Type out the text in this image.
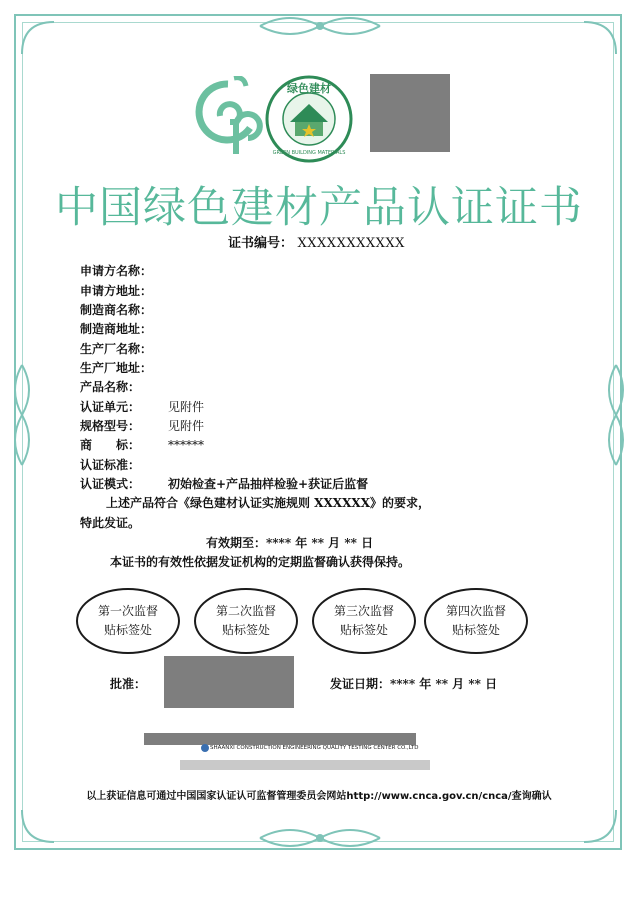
绿色建材
GREEN BUILDING MATERIALS
中国绿色建材产品认证证书
证书编号： XXXXXXXXXXX
申请方名称：
申请方地址：
制造商名称：
制造商地址：
生产厂名称：
生产厂地址：
产品名称：
认证单元： 见附件
规格型号： 见附件
商　　标： ******
认证标准：
认证模式： 初始检查+产品抽样检验+获证后监督
上述产品符合《绿色建材认证实施规则 XXXXXX》的要求，
特此发证。
有效期至：**** 年 ** 月 ** 日
本证书的有效性依据发证机构的定期监督确认获得保持。
第一次监督
贴标签处
第二次监督
贴标签处
第三次监督
贴标签处
第四次监督
贴标签处
批准：	发证日期：**** 年 ** 月 ** 日
SHAANXI CONSTRUCTION ENGINEERING QUALITY TESTING CENTER CO.,LTD
以上获证信息可通过中国国家认证认可监督管理委员会网站http://www.cnca.gov.cn/cnca/查询确认
